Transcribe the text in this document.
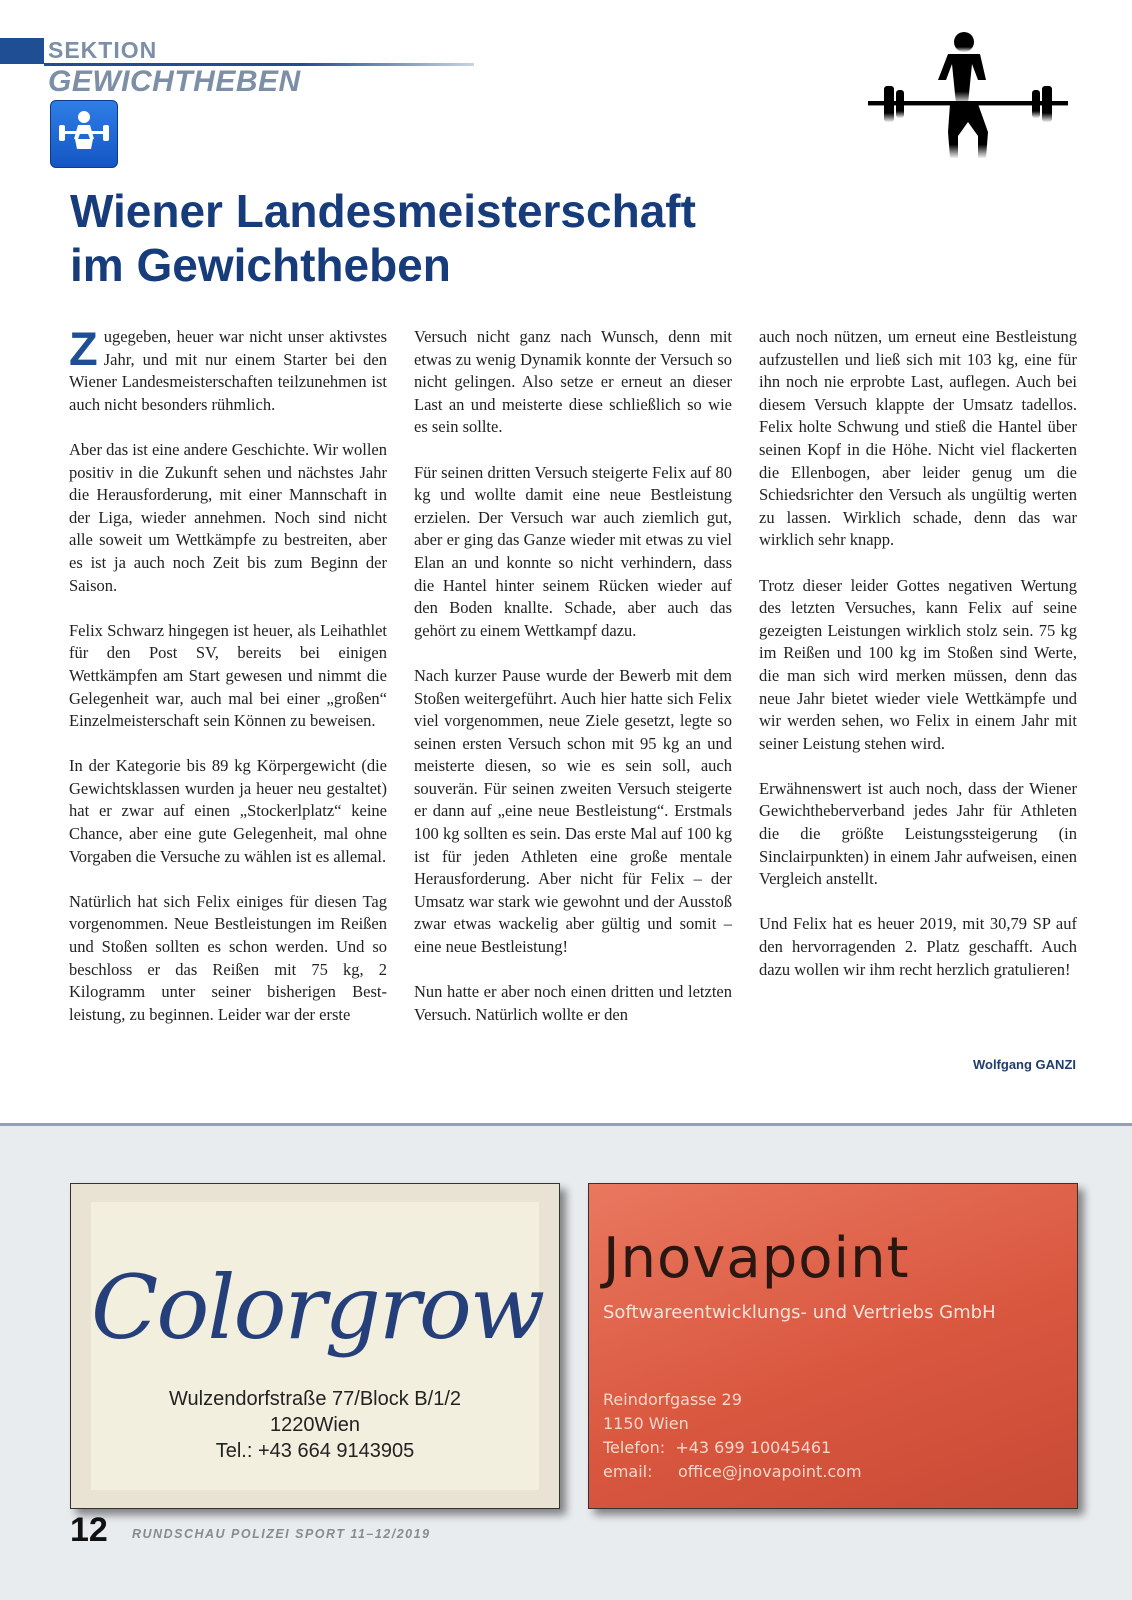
SEKTION
GEWICHTHEBEN
Wiener Landesmeisterschaft
im Gewichtheben

Zugegeben, heuer war nicht unser aktivstes Jahr, und mit nur einem Starter bei den Wiener Landesmeisterschaften teilzunehmen ist auch nicht besonders rühmlich.

Aber das ist eine andere Geschichte. Wir wollen positiv in die Zukunft sehen und nächstes Jahr die Herausforderung, mit einer Mannschaft in der Liga, wieder annehmen. Noch sind nicht alle soweit um Wettkämpfe zu bestreiten, aber es ist ja auch noch Zeit bis zum Beginn der Saison.

Felix Schwarz hingegen ist heuer, als Leihathlet für den Post SV, bereits bei einigen Wettkämpfen am Start gewesen und nimmt die Gelegenheit war, auch mal bei einer „großen“ Einzelmeisterschaft sein Können zu beweisen.

In der Kategorie bis 89 kg Körpergewicht (die Gewichtsklassen wurden ja heuer neu gestaltet) hat er zwar auf einen „Stockerlplatz“ keine Chance, aber eine gute Gelegenheit, mal ohne Vorgaben die Versuche zu wählen ist es allemal.

Natürlich hat sich Felix einiges für diesen Tag vorgenommen. Neue Bestleistungen im Reißen und Stoßen sollten es schon werden. Und so beschloss er das Reißen mit 75 kg, 2 Kilogramm unter seiner bisherigen Bestleistung, zu beginnen. Leider war der erste

Versuch nicht ganz nach Wunsch, denn mit etwas zu wenig Dynamik konnte der Versuch so nicht gelingen. Also setze er erneut an dieser Last an und meisterte diese schließlich so wie es sein sollte.

Für seinen dritten Versuch steigerte Felix auf 80 kg und wollte damit eine neue Bestleistung erzielen. Der Versuch war auch ziemlich gut, aber er ging das Ganze wieder mit etwas zu viel Elan an und konnte so nicht verhindern, dass die Hantel hinter seinem Rücken wieder auf den Boden knallte. Schade, aber auch das gehört zu einem Wettkampf dazu.

Nach kurzer Pause wurde der Bewerb mit dem Stoßen weitergeführt. Auch hier hatte sich Felix viel vorgenommen, neue Ziele gesetzt, legte so seinen ersten Versuch schon mit 95 kg an und meisterte diesen, so wie es sein soll, auch souverän. Für seinen zweiten Versuch steigerte er dann auf „eine neue Bestleistung“. Erstmals 100 kg sollten es sein. Das erste Mal auf 100 kg ist für jeden Athleten eine große mentale Herausforderung. Aber nicht für Felix – der Umsatz war stark wie gewohnt und der Ausstoß zwar etwas wackelig aber gültig und somit – eine neue Bestleistung!

Nun hatte er aber noch einen dritten und letzten Versuch. Natürlich wollte er den

auch noch nützen, um erneut eine Bestleistung aufzustellen und ließ sich mit 103 kg, eine für ihn noch nie erprobte Last, auflegen. Auch bei diesem Versuch klappte der Umsatz tadellos. Felix holte Schwung und stieß die Hantel über seinen Kopf in die Höhe. Nicht viel flackerten die Ellenbogen, aber leider genug um die Schiedsrichter den Versuch als ungültig werten zu lassen. Wirklich schade, denn das war wirklich sehr knapp.

Trotz dieser leider Gottes negativen Wertung des letzten Versuches, kann Felix auf seine gezeigten Leistungen wirklich stolz sein. 75 kg im Reißen und 100 kg im Stoßen sind Werte, die man sich wird merken müssen, denn das neue Jahr bietet wieder viele Wettkämpfe und wir werden sehen, wo Felix in einem Jahr mit seiner Leistung stehen wird.

Erwähnenswert ist auch noch, dass der Wiener Gewichtheberverband jedes Jahr für Athleten die die größte Leistungssteigerung (in Sinclairpunkten) in einem Jahr aufweisen, einen Vergleich anstellt.

Und Felix hat es heuer 2019, mit 30,79 SP auf den hervorragenden 2. Platz geschafft. Auch dazu wollen wir ihm recht herzlich gratulieren!

Wolfgang GANZI
Colorgrow
Wulzendorfstraße 77/Block B/1/2
1220Wien
Tel.: +43 664 9143905
Jnovapoint
Softwareentwicklungs- und Vertriebs GmbH
Reindorfgasse 29
1150 Wien
Telefon:  +43 699 10045461
email:     office@jnovapoint.com
12 RUNDSCHAU POLIZEI SPORT 11–12/2019
